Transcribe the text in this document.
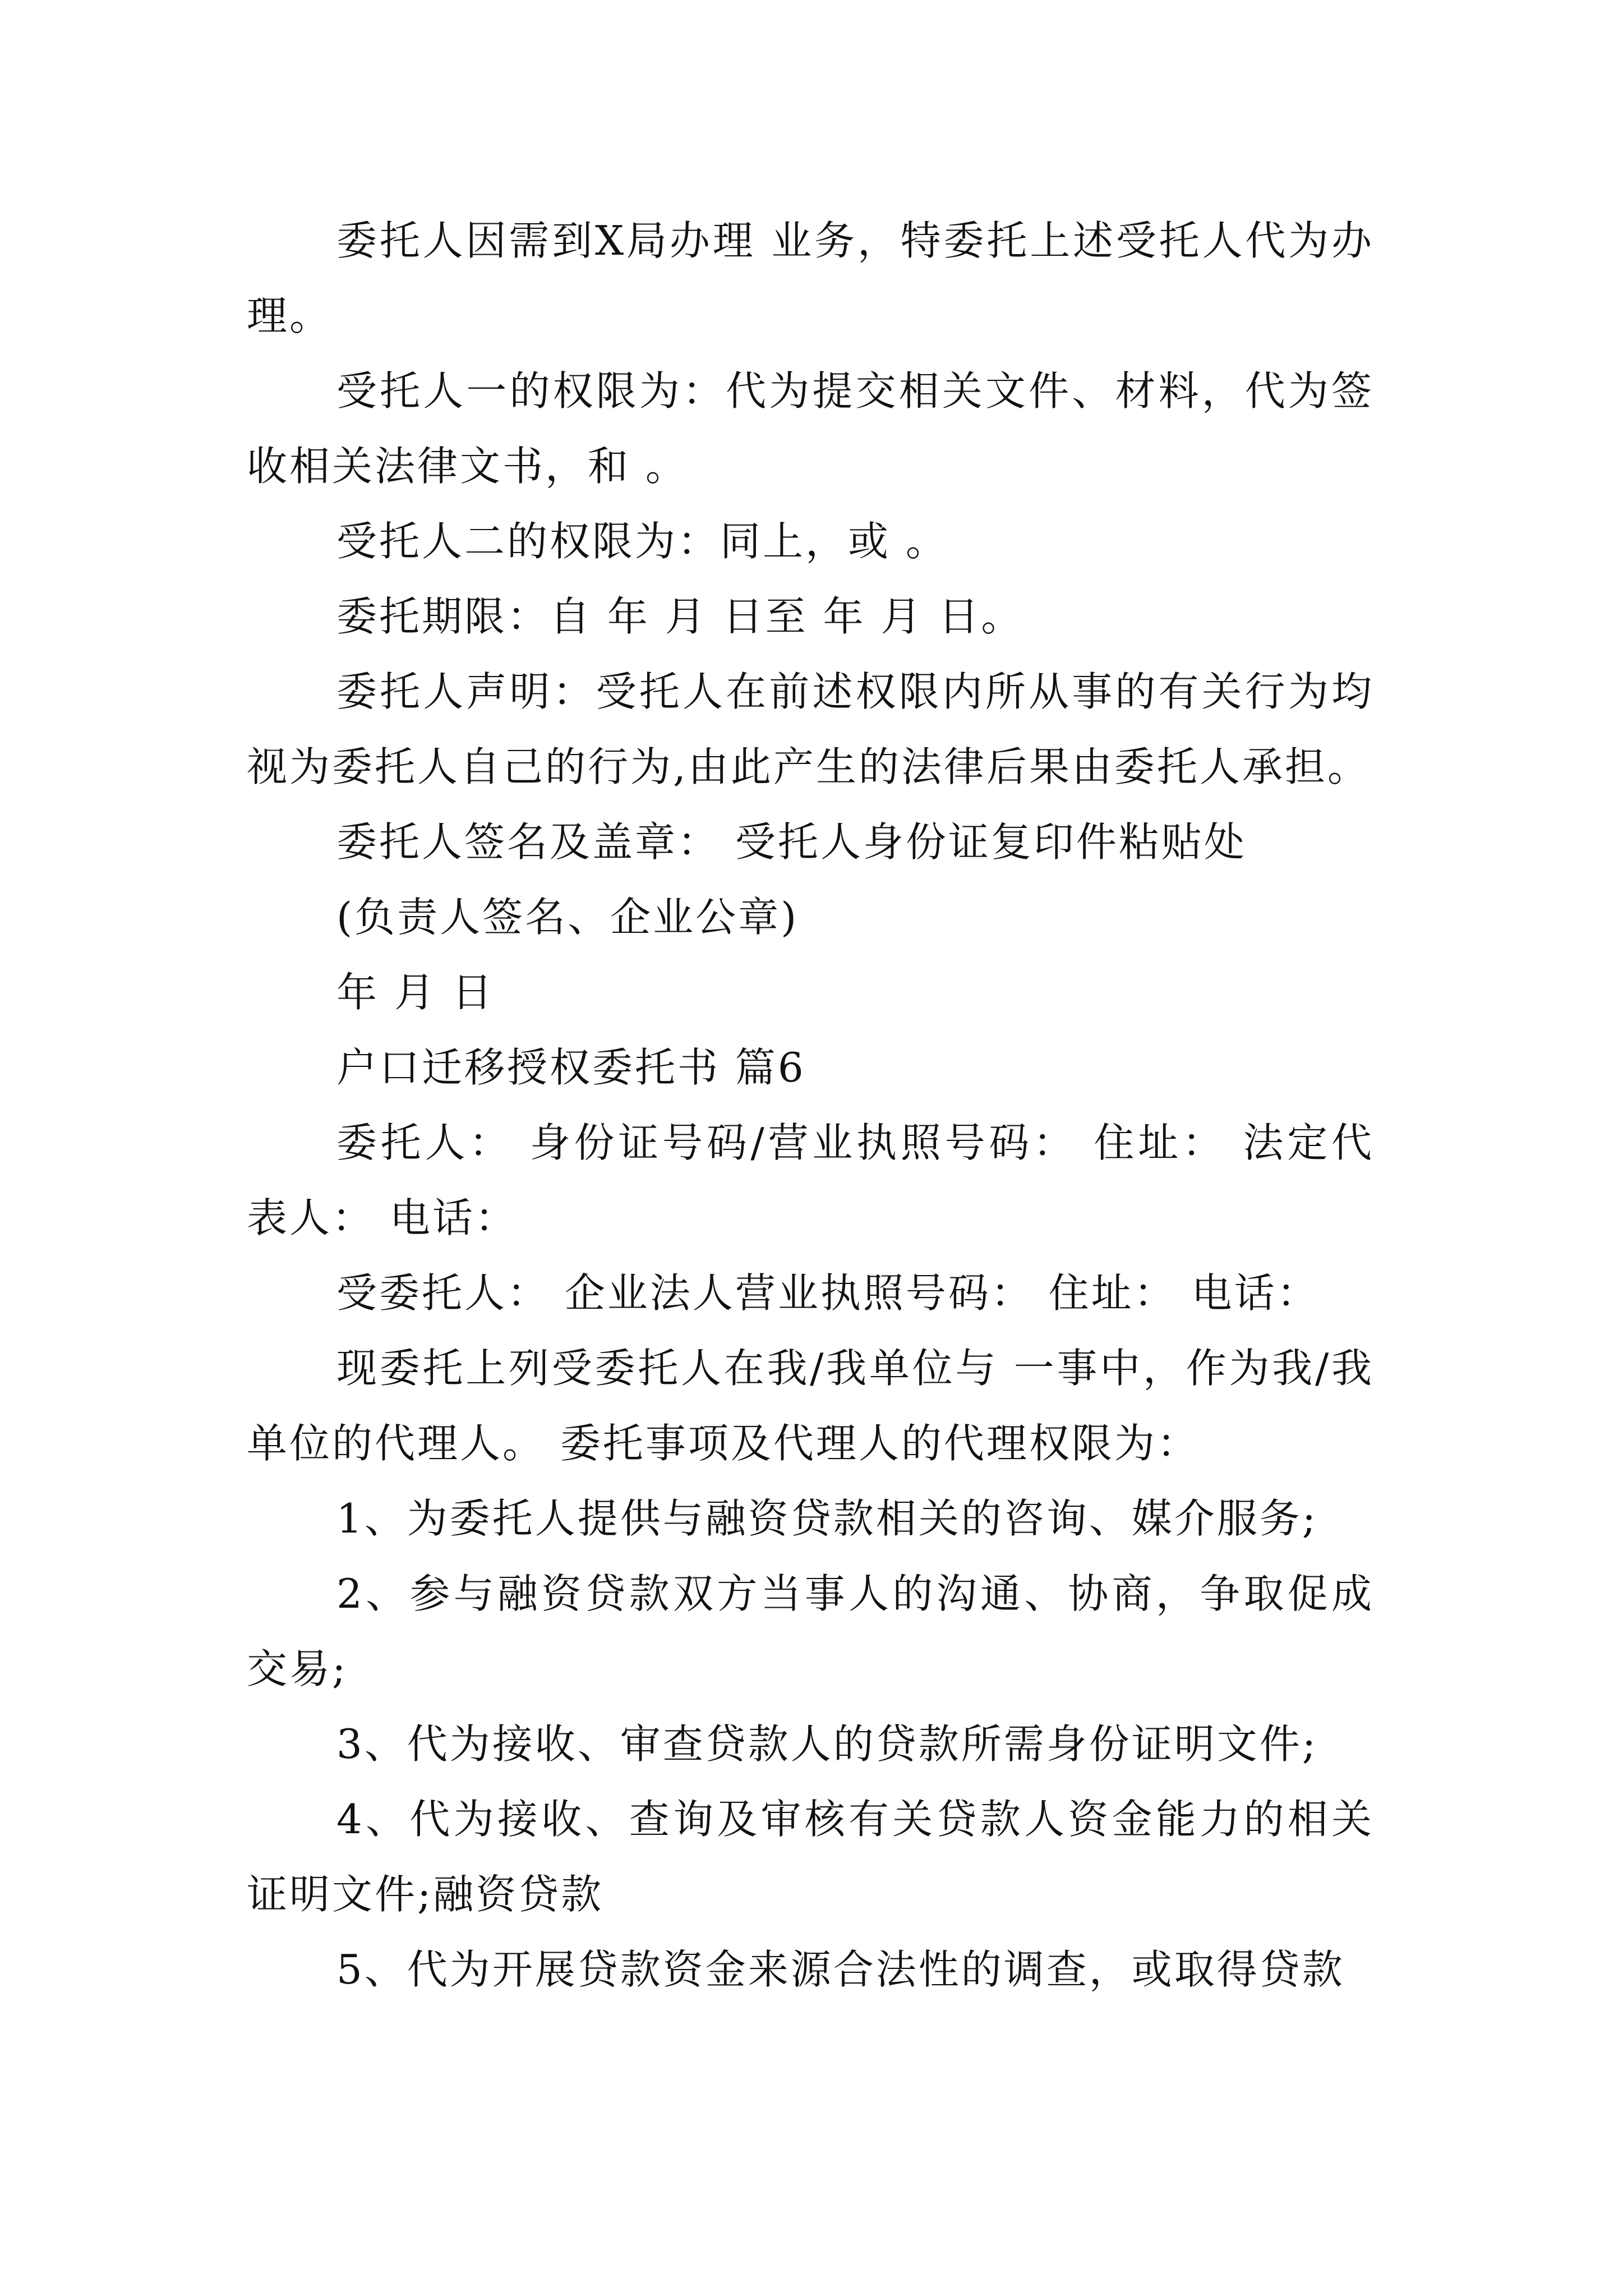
委托人因需到X局办理 业务，特委托上述受托人代为办理。

受托人一的权限为：代为提交相关文件、材料，代为签收相关法律文书，和 。

受托人二的权限为：同上，或 。

委托期限：自 年 月 日至 年 月 日。

委托人声明：受托人在前述权限内所从事的有关行为均视为委托人自己的行为,由此产生的法律后果由委托人承担。

委托人签名及盖章： 受托人身份证复印件粘贴处

(负责人签名、企业公章)

年 月 日

户口迁移授权委托书 篇6

委托人： 身份证号码/营业执照号码： 住址： 法定代表人： 电话：

受委托人： 企业法人营业执照号码： 住址： 电话：

现委托上列受委托人在我/我单位与 一事中，作为我/我单位的代理人。 委托事项及代理人的代理权限为：

1、为委托人提供与融资贷款相关的咨询、媒介服务;

2、参与融资贷款双方当事人的沟通、协商，争取促成交易;

3、代为接收、审查贷款人的贷款所需身份证明文件;

4、代为接收、查询及审核有关贷款人资金能力的相关证明文件;融资贷款

5、代为开展贷款资金来源合法性的调查，或取得贷款
